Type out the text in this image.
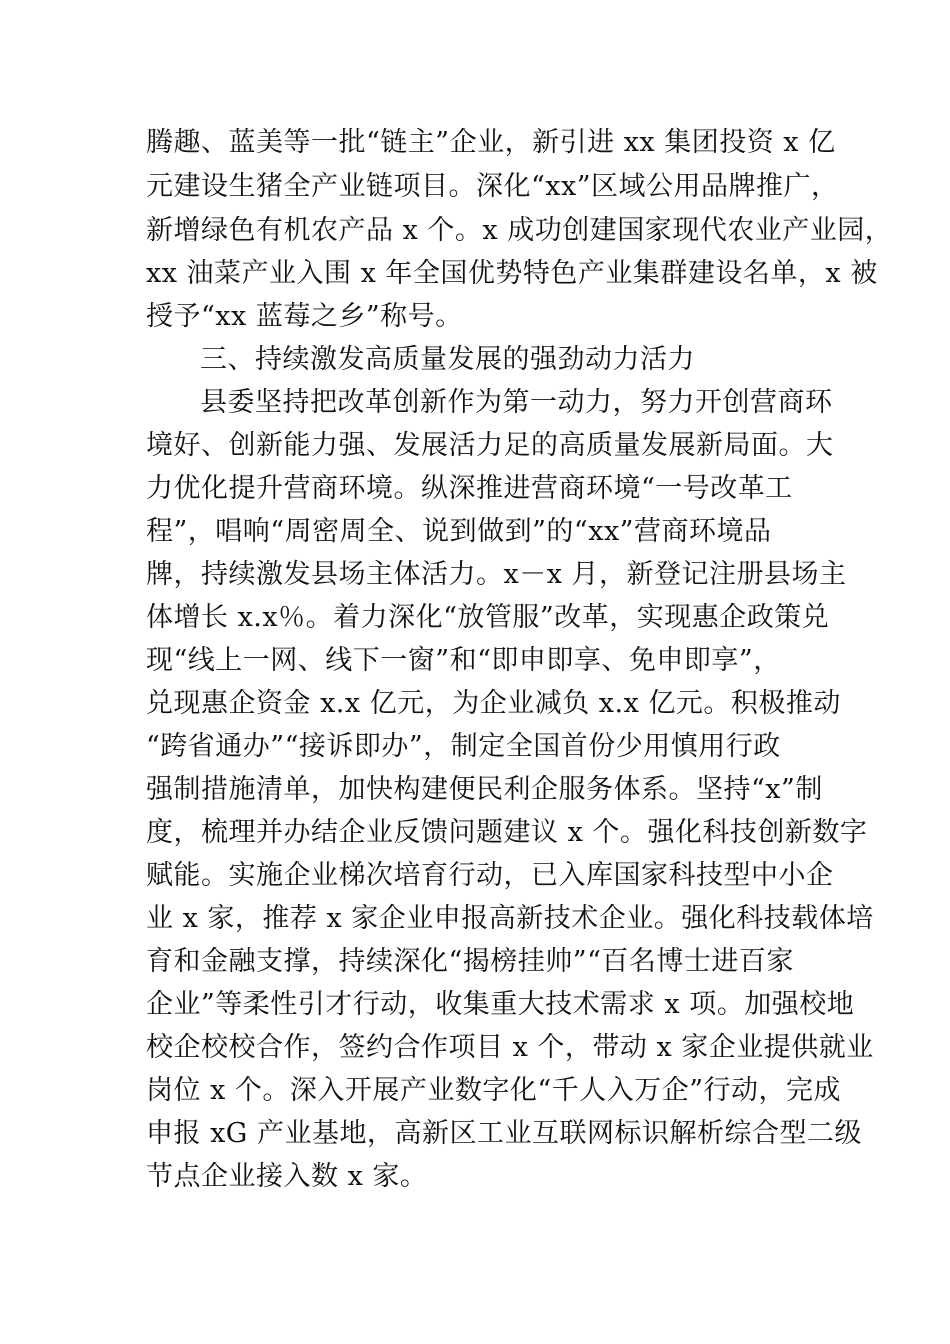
腾趣、蓝美等一批“链主”企业，新引进 xx 集团投资 x 亿
元建设生猪全产业链项目。深化“xx”区域公用品牌推广，
新增绿色有机农产品 x 个。x 成功创建国家现代农业产业园，
xx 油菜产业入围 x 年全国优势特色产业集群建设名单，x 被
授予“xx 蓝莓之乡”称号。
三、持续激发高质量发展的强劲动力活力
县委坚持把改革创新作为第一动力，努力开创营商环
境好、创新能力强、发展活力足的高质量发展新局面。大
力优化提升营商环境。纵深推进营商环境“一号改革工
程”，唱响“周密周全、说到做到”的“xx”营商环境品
牌，持续激发县场主体活力。x－x 月，新登记注册县场主
体增长 x.x％。着力深化“放管服”改革，实现惠企政策兑
现“线上一网、线下一窗”和“即申即享、免申即享”，
兑现惠企资金 x.x 亿元，为企业减负 x.x 亿元。积极推动
“跨省通办”“接诉即办”，制定全国首份少用慎用行政
强制措施清单，加快构建便民利企服务体系。坚持“x”制
度，梳理并办结企业反馈问题建议 x 个。强化科技创新数字
赋能。实施企业梯次培育行动，已入库国家科技型中小企
业 x 家，推荐 x 家企业申报高新技术企业。强化科技载体培
育和金融支撑，持续深化“揭榜挂帅”“百名博士进百家
企业”等柔性引才行动，收集重大技术需求 x 项。加强校地
校企校校合作，签约合作项目 x 个，带动 x 家企业提供就业
岗位 x 个。深入开展产业数字化“千人入万企”行动，完成
申报 xG 产业基地，高新区工业互联网标识解析综合型二级
节点企业接入数 x 家。
